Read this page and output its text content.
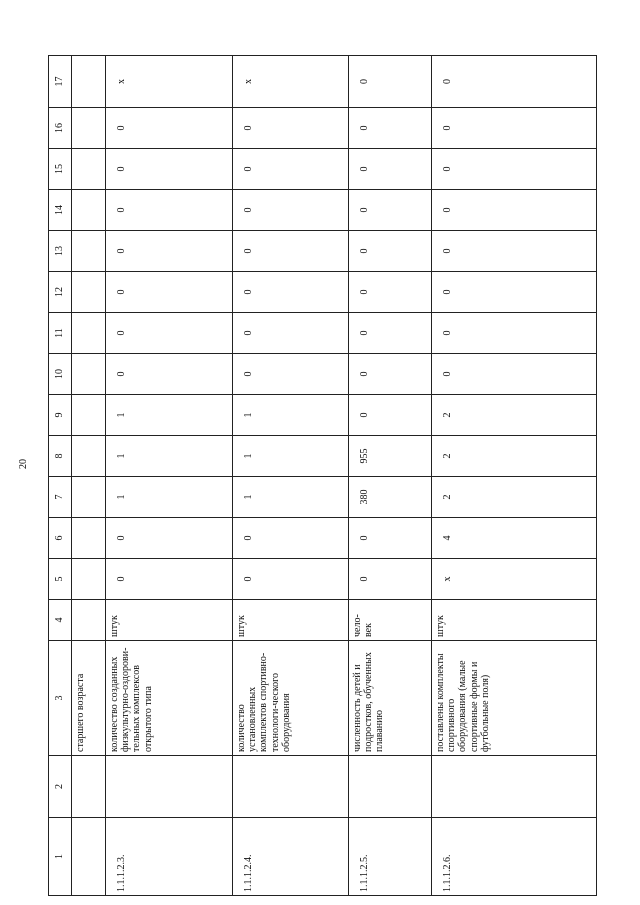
20
1	2	3	4	5	6	7	8	9	10	11	12	13	14	15	16	17
		старшего возраста														
1.1.1.2.3.		количество созданных физкультурно-оздорови-тельных комплексов открытого типа	штук	0	0	1	1	1	0	0	0	0	0	0	0	х
1.1.1.2.4.		количество установленных комплектов спортивно-технологи-ческого оборудования	штук	0	0	1	1	1	0	0	0	0	0	0	0	х
1.1.1.2.5.		численность детей и подростков, обученных плаванию	чело-век	0	0	380	955	0	0	0	0	0	0	0	0	0
1.1.1.2.6.		поставлены комплекты спортивного оборудования (малые спортивные формы и футбольные поля)	штук	х	4	2	2	2	0	0	0	0	0	0	0	0
